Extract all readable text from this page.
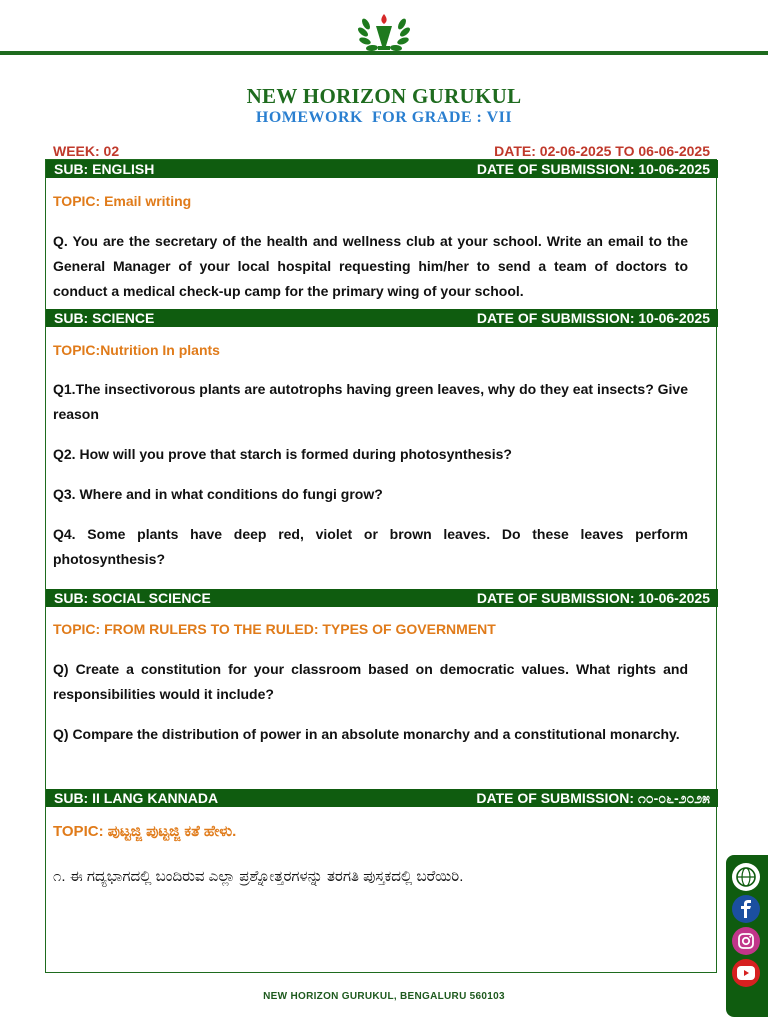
NEW HORIZON GURUKUL
HOMEWORK  FOR GRADE : VII
WEEK: 02	DATE: 02-06-2025 TO 06-06-2025
SUB: ENGLISH	DATE OF SUBMISSION: 10-06-2025
TOPIC: Email writing
Q. You are the secretary of the health and wellness club at your school. Write an email to the General Manager of your local hospital requesting him/her to send a team of doctors to conduct a medical check-up camp for the primary wing of your school.
SUB: SCIENCE	DATE OF SUBMISSION: 10-06-2025
TOPIC:Nutrition In plants
Q1.The insectivorous plants are autotrophs having green leaves, why do they eat insects? Give reason
Q2. How will you prove that starch is formed during photosynthesis?
Q3. Where and in what conditions do fungi grow?
Q4. Some plants have deep red, violet or brown leaves. Do these leaves perform photosynthesis?
SUB: SOCIAL SCIENCE	DATE OF SUBMISSION: 10-06-2025
TOPIC: FROM RULERS TO THE RULED: TYPES OF GOVERNMENT
Q) Create a constitution for your classroom based on democratic values. What rights and responsibilities would it include?
Q) Compare the distribution of power in an absolute monarchy and a constitutional monarchy.
SUB: II LANG KANNADA	DATE OF SUBMISSION: ೧೦-೦೬-೨೦೨೫
TOPIC: ಪುಟ್ಟಜ್ಜಿ ಪುಟ್ಟಜ್ಜಿ ಕತೆ ಹೇಳು.
೧. ಈ ಗದ್ಯಭಾಗದಲ್ಲಿ ಬಂದಿರುವ ಎಲ್ಲಾ ಪ್ರಶ್ನೋತ್ತರಗಳನ್ನು ತರಗತಿ ಪುಸ್ತಕದಲ್ಲಿ ಬರೆಯಿರಿ.
NEW HORIZON GURUKUL, BENGALURU 560103
